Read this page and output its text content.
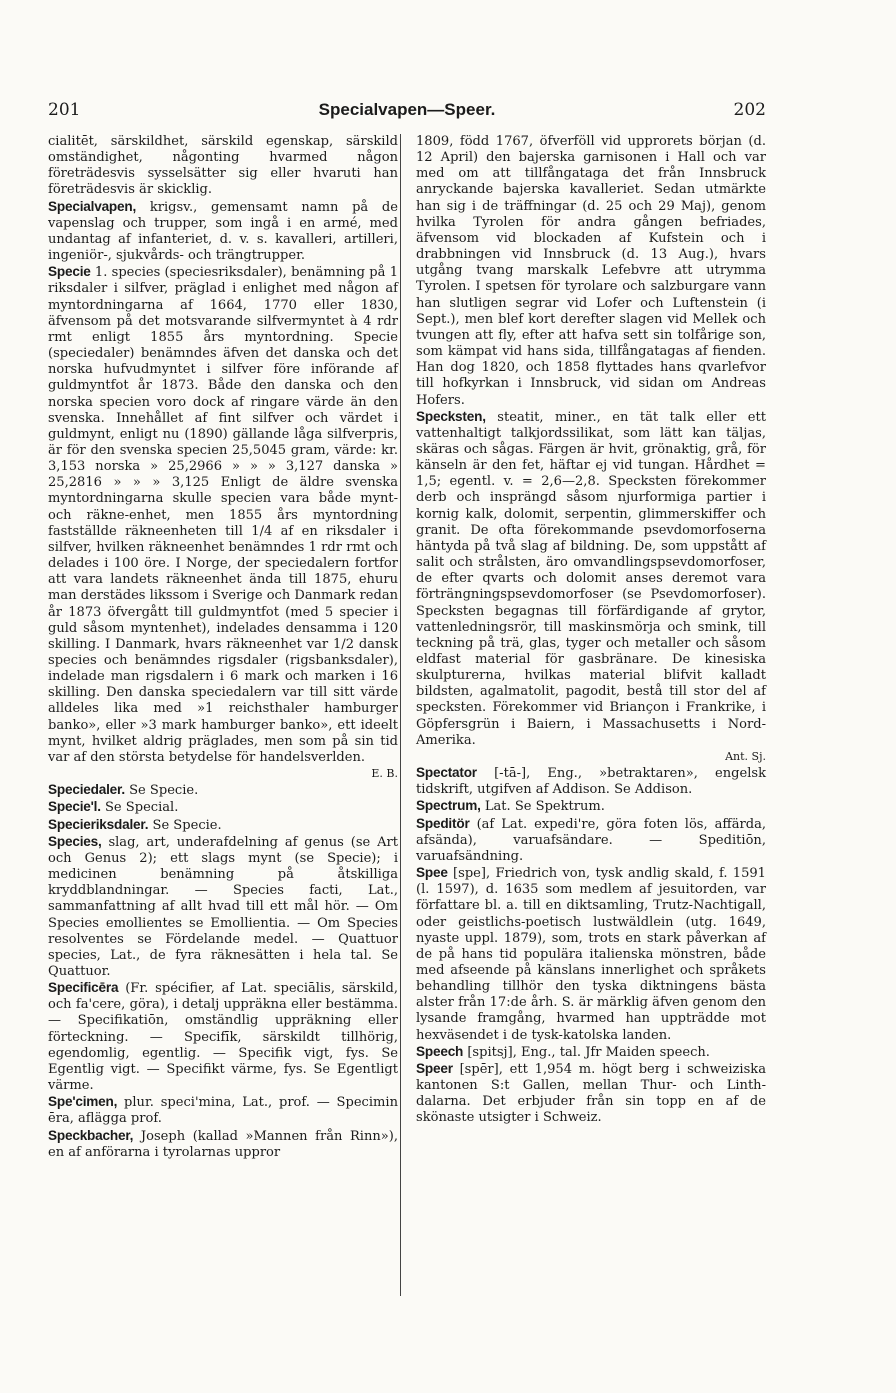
201	Specialvapen—Speer.	202

cialitēt, särskildhet, särskild egenskap, särskild omständighet, någonting hvarmed någon företrädesvis sysselsätter sig eller hvaruti han företrädesvis är skicklig.

Specialvapen, krigsv., gemensamt namn på de vapenslag och trupper, som ingå i en armé, med undantag af infanteriet, d. v. s. kavalleri, artilleri, ingeniör-, sjukvårds- och trängtrupper.

Specie 1. species (speciesriksdaler), benämning på 1 riksdaler i silfver, präglad i enlighet med någon af myntordningarna af 1664, 1770 eller 1830, äfvensom på det motsvarande silfvermyntet à 4 rdr rmt enligt 1855 års myntordning. Specie (speciedaler) benämndes äfven det danska och det norska hufvudmyntet i silfver före införande af guldmyntfot år 1873. Både den danska och den norska specien voro dock af ringare värde än den svenska. Innehållet af fint silfver och värdet i guldmynt, enligt nu (1890) gällande låga silfverpris, är för den svenska specien 25,5045 gram, värde: kr. 3,153 norska » 25,2966 » » » 3,127 danska » 25,2816 » » » 3,125 Enligt de äldre svenska myntordningarna skulle specien vara både mynt- och räkne-enhet, men 1855 års myntordning fastställde räkneenheten till 1/4 af en riksdaler i silfver, hvilken räkneenhet benämndes 1 rdr rmt och delades i 100 öre. I Norge, der speciedalern fortfor att vara landets räkneenhet ända till 1875, ehuru man derstädes likssom i Sverige och Danmark redan år 1873 öfvergått till guldmyntfot (med 5 specier i guld såsom myntenhet), indelades densamma i 120 skilling. I Danmark, hvars räkneenhet var 1/2 dansk species och benämndes rigsdaler (rigsbanksdaler), indelade man rigsdalern i 6 mark och marken i 16 skilling. Den danska speciedalern var till sitt värde alldeles lika med »1 reichsthaler hamburger banko», eller »3 mark hamburger banko», ett ideelt mynt, hvilket aldrig präglades, men som på sin tid var af den största betydelse för handelsverlden.

E. B.

Speciedaler. Se Specie.

Specie'l. Se Special.

Specieriksdaler. Se Specie.

Species, slag, art, underafdelning af genus (se Art och Genus 2); ett slags mynt (se Specie); i medicinen benämning på åtskilliga kryddblandningar. — Species facti, Lat., sammanfattning af allt hvad till ett mål hör. — Om Species emollientes se Emollientia. — Om Species resolventes se Fördelande medel. — Quattuor species, Lat., de fyra räknesätten i hela tal. Se Quattuor.

Specificēra (Fr. spécifier, af Lat. speciālis, särskild, och fa'cere, göra), i detalj uppräkna eller bestämma. — Specifikatiōn, omständlig uppräkning eller förteckning. — Specifīk, särskildt tillhörig, egendomlig, egentlig. — Specifik vigt, fys. Se Egentlig vigt. — Specifikt värme, fys. Se Egentligt värme.

Spe'cimen, plur. speci'mina, Lat., prof. — Specimin ēra, aflägga prof.

Speckbacher, Joseph (kallad »Mannen från Rinn»), en af anförarna i tyrolarnas uppror

1809, född 1767, öfverföll vid upprorets början (d. 12 April) den bajerska garnisonen i Hall och var med om att tillfångataga det från Innsbruck anryckande bajerska kavalleriet. Sedan utmärkte han sig i de träffningar (d. 25 och 29 Maj), genom hvilka Tyrolen för andra gången befriades, äfvensom vid blockaden af Kufstein och i drabbningen vid Innsbruck (d. 13 Aug.), hvars utgång tvang marskalk Lefebvre att utrymma Tyrolen. I spetsen för tyrolare och salzburgare vann han slutligen segrar vid Lofer och Luftenstein (i Sept.), men blef kort derefter slagen vid Mellek och tvungen att fly, efter att hafva sett sin tolfårige son, som kämpat vid hans sida, tillfångatagas af fienden. Han dog 1820, och 1858 flyttades hans qvarlefvor till hofkyrkan i Innsbruck, vid sidan om Andreas Hofers.

Specksten, steatit, miner., en tät talk eller ett vattenhaltigt talkjordssilikat, som lätt kan täljas, skäras och sågas. Färgen är hvit, grönaktig, grå, för känseln är den fet, häftar ej vid tungan. Hårdhet = 1,5; egentl. v. = 2,6—2,8. Specksten förekommer derb och insprängd såsom njurformiga partier i kornig kalk, dolomit, serpentin, glimmerskiffer och granit. De ofta förekommande psevdomorfoserna häntyda på två slag af bildning. De, som uppstått af salit och strålsten, äro omvandlingspsevdomorfoser, de efter qvarts och dolomit anses deremot vara förträngningspsevdomorfoser (se Psevdomorfoser). Specksten begagnas till förfärdigande af grytor, vattenledningsrör, till maskinsmörja och smink, till teckning på trä, glas, tyger och metaller och såsom eldfast material för gasbränare. De kinesiska skulpturerna, hvilkas material blifvit kalladt bildsten, agalmatolit, pagodit, bestå till stor del af specksten. Förekommer vid Briançon i Frankrike, i Göpfersgrün i Baiern, i Massachusetts i Nord-Amerika.

Ant. Sj.

Spectator [-tā-], Eng., »betraktaren», engelsk tidskrift, utgifven af Addison. Se Addison.

Spectrum, Lat. Se Spektrum.

Speditör (af Lat. expedi're, göra foten lös, affärda, afsända), varuafsändare. — Speditiōn, varuafsändning.

Spee [spe], Friedrich von, tysk andlig skald, f. 1591 (l. 1597), d. 1635 som medlem af jesuitorden, var författare bl. a. till en diktsamling, Trutz-Nachtigall, oder geistlichs-poetisch lustwäldlein (utg. 1649, nyaste uppl. 1879), som, trots en stark påverkan af de på hans tid populära italienska mönstren, både med afseende på känslans innerlighet och språkets behandling tillhör den tyska diktningens bästa alster från 17:de årh. S. är märklig äfven genom den lysande framgång, hvarmed han uppträdde mot hexväsendet i de tysk-katolska landen.

Speech [spitsj], Eng., tal. Jfr Maiden speech.

Speer [spēr], ett 1,954 m. högt berg i schweiziska kantonen S:t Gallen, mellan Thur- och Linth-dalarna. Det erbjuder från sin topp en af de skönaste utsigter i Schweiz.
